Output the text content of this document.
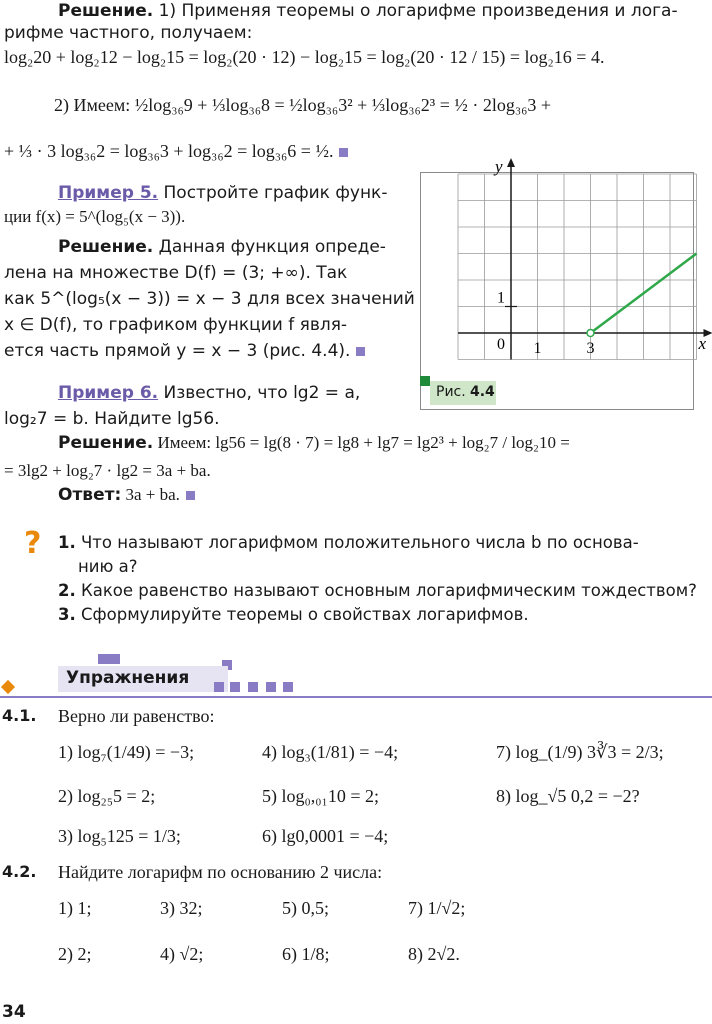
Решение. 1) Применяя теоремы о логарифме произведения и лога-
рифме частного, получаем:
log₂20 + log₂12 − log₂15 = log₂(20 · 12) − log₂15 = log₂(20 · 12 / 15) = log₂16 = 4.
2) Имеем: ½log₃₆9 + ⅓log₃₆8 = ½log₃₆3² + ⅓log₃₆2³ = ½ · 2log₃₆3 +
+ ⅓ · 3 log₃₆2 = log₃₆3 + log₃₆2 = log₃₆6 = ½.
Пример 5. Постройте график функ-
ции f(x) = 5^(log₅(x − 3)).
Решение. Данная функция опреде-
лена на множестве D(f) = (3; +∞). Так
как 5^(log₅(x − 3)) = x − 3 для всех значений
x ∈ D(f), то графиком функции f явля-
ется часть прямой y = x − 3 (рис. 4.4).	x
y
0 1	3
1
Рис. 4.4
Пример 6. Известно, что lg2 = a,
log₂7 = b. Найдите lg56.
Решение. Имеем: lg56 = lg(8 · 7) = lg8 + lg7 = lg2³ + log₂7 / log₂10 =
= 3lg2 + log₂7 · lg2 = 3a + ba.
Ответ: 3a + ba.
? 1. Что называют логарифмом положительного числа b по основа-
нию a?
2. Какое равенство называют основным логарифмическим тождеством?
3. Сформулируйте теоремы о свойствах логарифмов.
Упражнения
4.1. Верно ли равенство:
1) log₇(1/49) = −3;	4) log₃(1/81) = −4;	7) log_(1/9) 3∛3 = 2/3;
2) log₂₅5 = 2;	5) log₀,₀₁10 = 2;	8) log_√5 0,2 = −2?
3) log₅125 = 1/3;	6) lg0,0001 = −4;
4.2. Найдите логарифм по основанию 2 числа:
1) 1;	3) 32;	5) 0,5;	7) 1/√2;
2) 2;	4) √2;	6) 1/8;	8) 2√2.
34
